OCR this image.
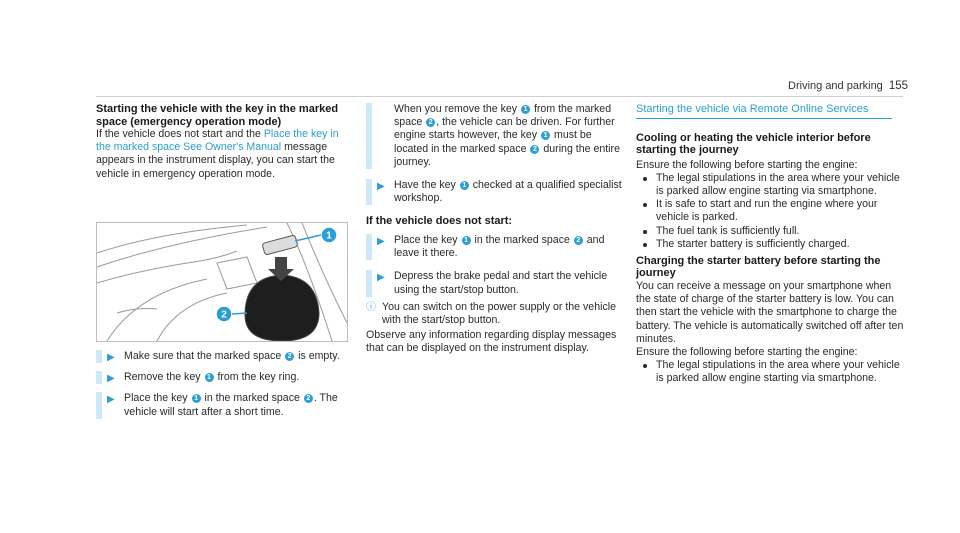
Driving and parking 155
Starting the vehicle with the key in the marked space (emergency operation mode)

If the vehicle does not start and the Place the key in the marked space See Owner's Manual message appears in the instrument display, you can start the vehicle in emergency operation mode.

1
2
▶ Make sure that the marked space 2 is empty.
▶ Remove the key 1 from the key ring.
▶ Place the key 1 in the marked space 2 . The vehicle will start after a short time.
When you remove the key 1 from the marked space 2 , the vehicle can be driven. For further engine starts however, the key 1 must be located in the marked space 2 during the entire journey.
▶ Have the key 1 checked at a qualified specialist workshop.
If the vehicle does not start:
▶ Place the key 1 in the marked space 2 and leave it there.
▶ Depress the brake pedal and start the vehicle using the start/stop button.
ⓘ You can switch on the power supply or the vehicle with the start/stop button.

Observe any information regarding display messages that can be displayed on the instrument display.

Starting the vehicle via Remote Online Services
Cooling or heating the vehicle interior before starting the journey

Ensure the following before starting the engine:

The legal stipulations in the area where your vehicle is parked allow engine starting via smartphone.
It is safe to start and run the engine where your vehicle is parked.
The fuel tank is sufficiently full.
The starter battery is sufficiently charged.
Charging the starter battery before starting the journey

You can receive a message on your smartphone when the state of charge of the starter battery is low. You can then start the vehicle with the smartphone to charge the battery. The vehicle is automatically switched off after ten minutes.

Ensure the following before starting the engine:

The legal stipulations in the area where your vehicle is parked allow engine starting via smartphone.
